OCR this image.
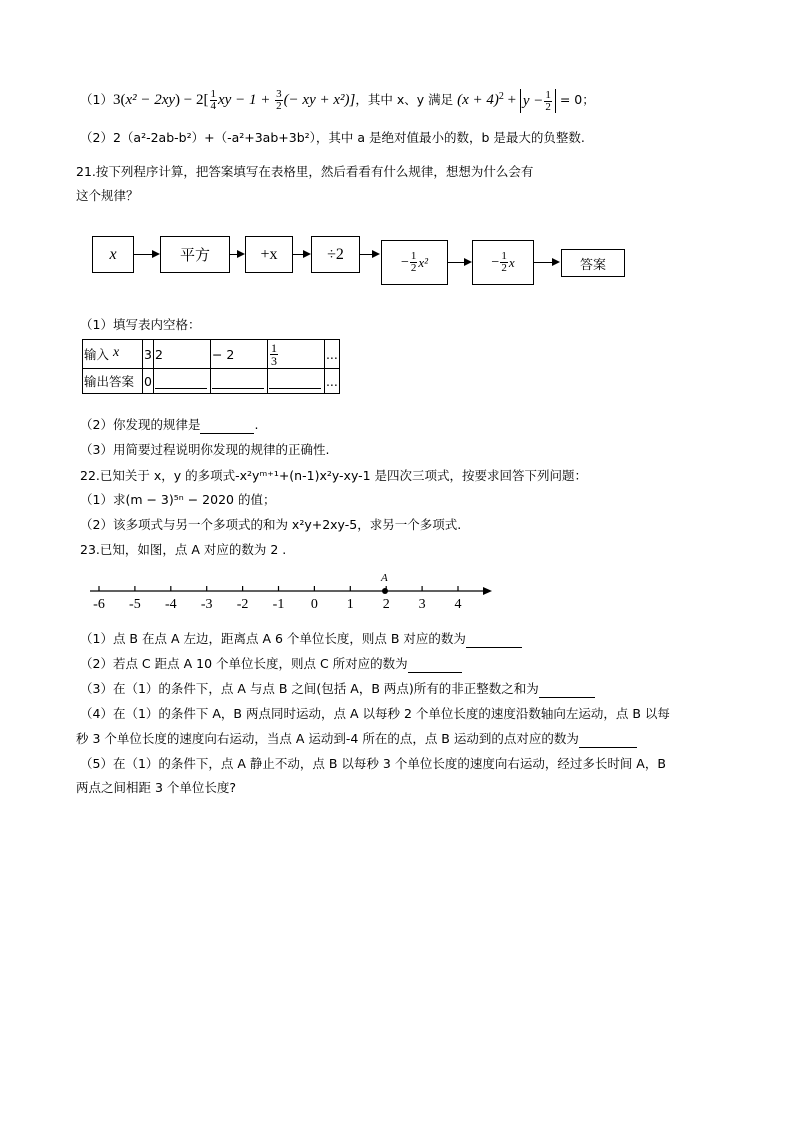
$(1)3(x^2 - 2xy) - 2[ \frac{1}{4}$ xy − $1 + \frac{3}{2}$ (− xy + x²)]，其中 x、y 满足 $(x + 4)^2 + y - \frac{1}{2} = 0$；
（2）2（a²-2ab-b²）+（-a²+3ab+3b²），其中 a 是绝对值最小的数，b 是最大的负整数.
21.按下列程序计算，把答案填写在表格里，然后看看有什么规律，想想为什么会有
这个规律？
x	平方	+x	÷2	− $\frac{1}{2} x^2$	− $\frac{1}{2}$ x	答案
（1）填写表内空格：
输入 x	3	2	− 2	$\frac{1}{3}$	...
输出答案	0				...
（2）你发现的规律是	.
（3）用简要过程说明你发现的规律的正确性.
22.已知关于 x，y 的多项式-x²yᵐ⁺¹+(n-1)x²y-xy-1 是四次三项式，按要求回答下列问题：
（1）求(m − 3)⁵ⁿ − 2020 的值；
（2）该多项式与另一个多项式的和为 x²y+2xy-5，求另一个多项式.
23.已知，如图，点 A 对应的数为 2 .
A
-6 -5 -4 -3 -2 -1 0 1 2 3 4
（1）点 B 在点 A 左边，距离点 A 6 个单位长度，则点 B 对应的数为
（2）若点 C 距点 A 10 个单位长度，则点 C 所对应的数为
（3）在（1）的条件下，点 A 与点 B 之间(包括 A，B 两点)所有的非正整数之和为
（4）在（1）的条件下 A，B 两点同时运动，点 A 以每秒 2 个单位长度的速度沿数轴向左运动，点 B 以每
秒 3 个单位长度的速度向右运动，当点 A 运动到-4 所在的点，点 B 运动到的点对应的数为
（5）在（1）的条件下，点 A 静止不动，点 B 以每秒 3 个单位长度的速度向右运动，经过多长时间 A，B
两点之间相距 3 个单位长度?
